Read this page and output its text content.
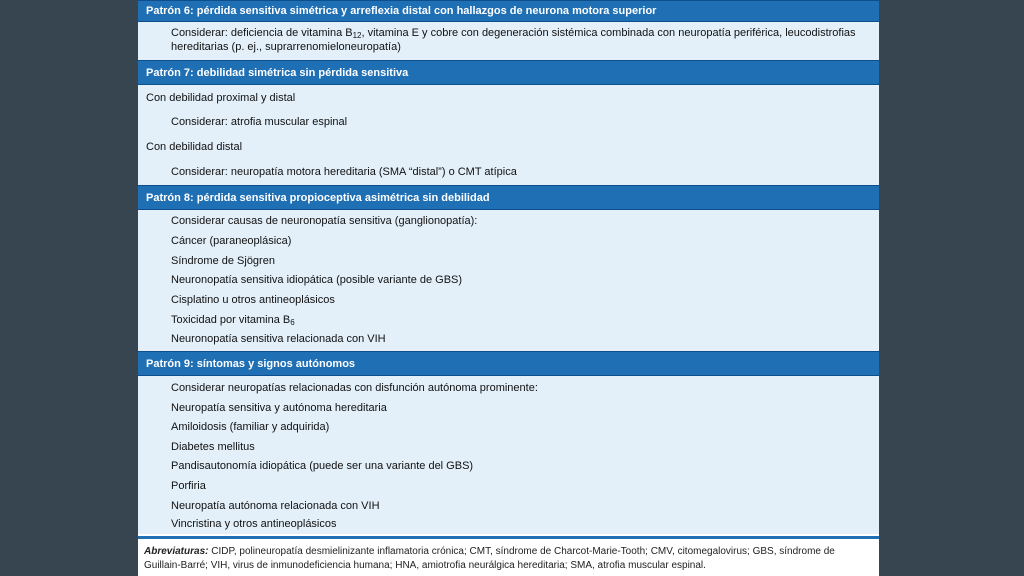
Patrón 6: pérdida sensitiva simétrica y arreflexia distal con hallazgos de neurona motora superior
Considerar: deficiencia de vitamina $B_{12}$, vitamina E y cobre con degeneración sistémica combinada con neuropatía periférica, leucodistrofias hereditarias (p. ej., suprarrenomieloneuropatía)
Patrón 7: debilidad simétrica sin pérdida sensitiva
Con debilidad proximal y distal
Considerar: atrofia muscular espinal
Con debilidad distal
Considerar: neuropatía motora hereditaria (SMA “distal”) o CMT atípica
Patrón 8: pérdida sensitiva propioceptiva asimétrica sin debilidad
Considerar causas de neuronopatía sensitiva (ganglionopatía):
Cáncer (paraneoplásica)
Síndrome de Sjögren
Neuronopatía sensitiva idiopática (posible variante de GBS)
Cisplatino u otros antineoplásicos
Toxicidad por vitamina $B_6$
Neuronopatía sensitiva relacionada con VIH
Patrón 9: síntomas y signos autónomos
Considerar neuropatías relacionadas con disfunción autónoma prominente:
Neuropatía sensitiva y autónoma hereditaria
Amiloidosis (familiar y adquirida)
Diabetes mellitus
Pandisautonomía idiopática (puede ser una variante del GBS)
Porfiria
Neuropatía autónoma relacionada con VIH
Vincristina y otros antineoplásicos
Abreviaturas: CIDP, polineuropatía desmielinizante inflamatoria crónica; CMT, síndrome de Charcot-Marie-Tooth; CMV, citomegalovirus; GBS, síndrome de Guillain-Barré; VIH, virus de inmunodeficiencia humana; HNA, amiotrofia neurálgica hereditaria; SMA, atrofia muscular espinal.
